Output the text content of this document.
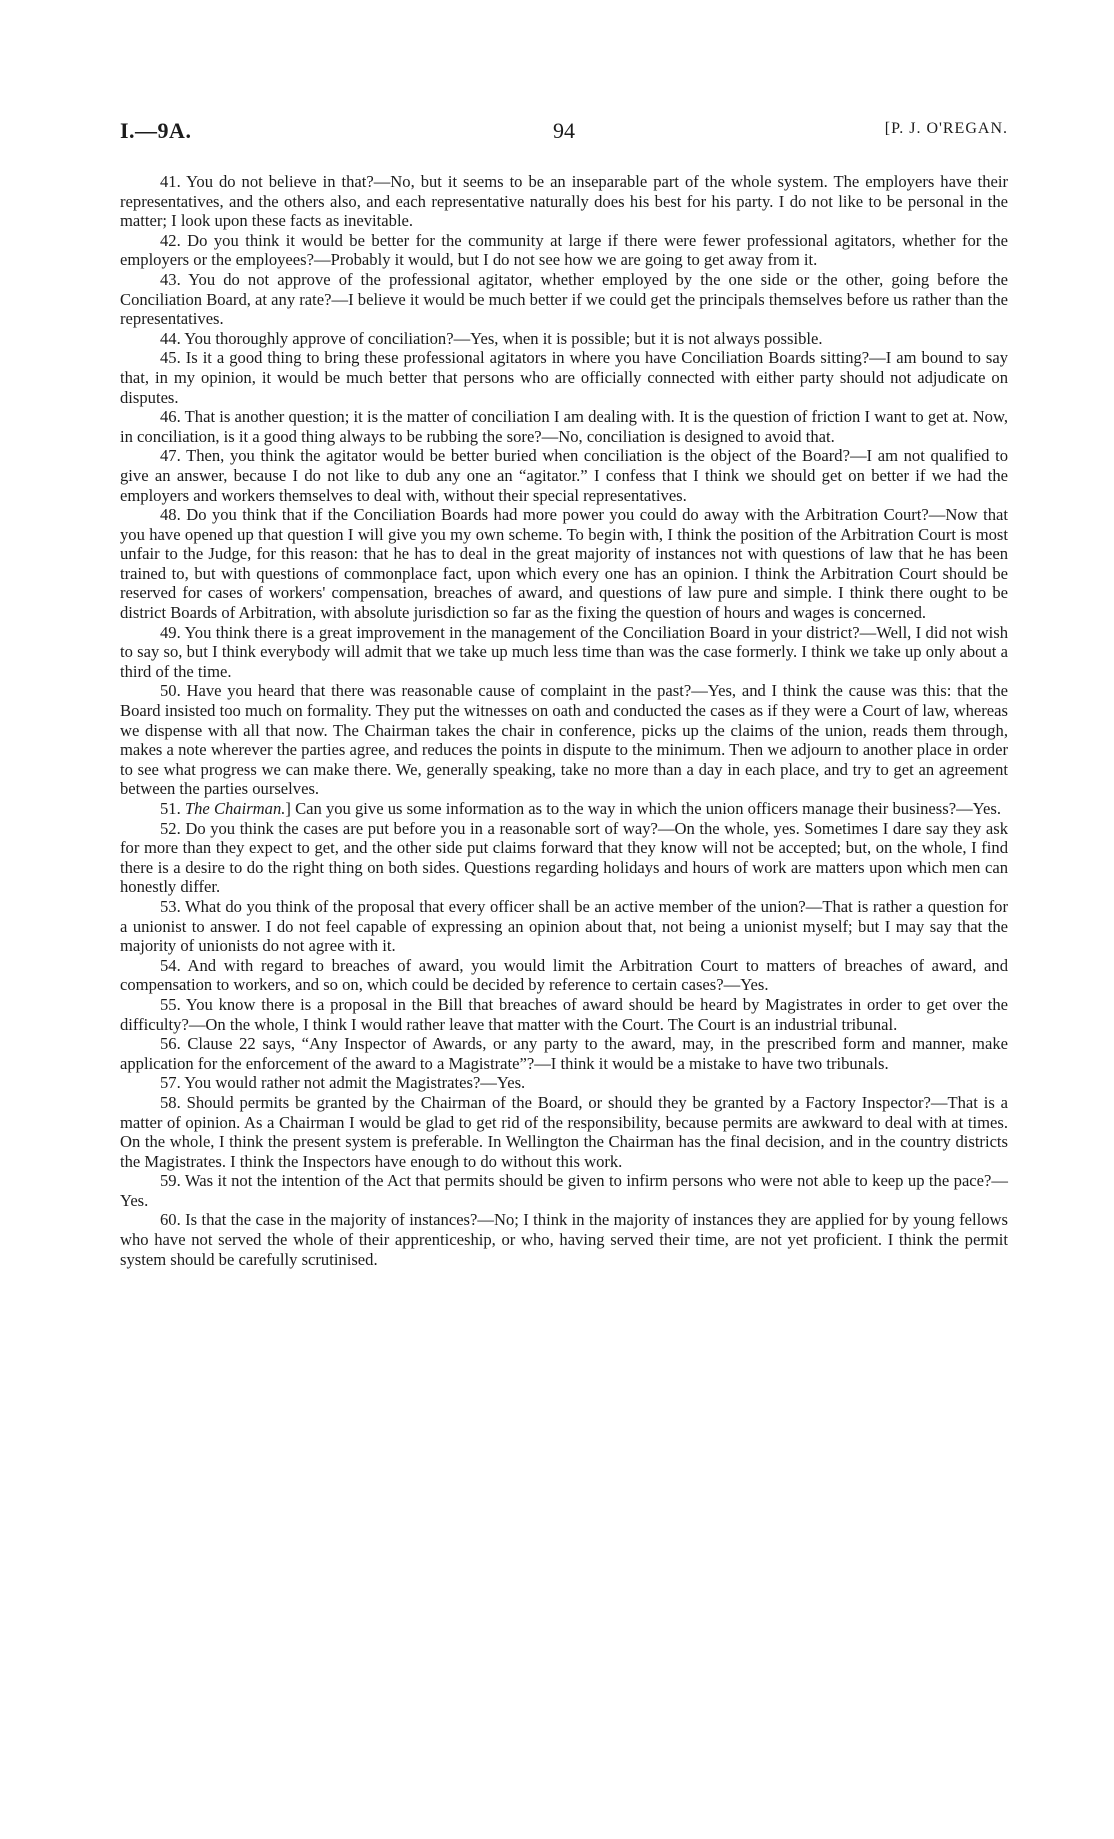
I.—9A.	94	[P. J. O'REGAN.

41. You do not believe in that?—No, but it seems to be an inseparable part of the whole system. The employers have their representatives, and the others also, and each representative naturally does his best for his party. I do not like to be personal in the matter; I look upon these facts as inevitable.

42. Do you think it would be better for the community at large if there were fewer professional agitators, whether for the employers or the employees?—Probably it would, but I do not see how we are going to get away from it.

43. You do not approve of the professional agitator, whether employed by the one side or the other, going before the Conciliation Board, at any rate?—I believe it would be much better if we could get the principals themselves before us rather than the representatives.

44. You thoroughly approve of conciliation?—Yes, when it is possible; but it is not always possible.

45. Is it a good thing to bring these professional agitators in where you have Conciliation Boards sitting?—I am bound to say that, in my opinion, it would be much better that persons who are officially connected with either party should not adjudicate on disputes.

46. That is another question; it is the matter of conciliation I am dealing with. It is the question of friction I want to get at. Now, in conciliation, is it a good thing always to be rubbing the sore?—No, conciliation is designed to avoid that.

47. Then, you think the agitator would be better buried when conciliation is the object of the Board?—I am not qualified to give an answer, because I do not like to dub any one an “agitator.” I confess that I think we should get on better if we had the employers and workers themselves to deal with, without their special representatives.

48. Do you think that if the Conciliation Boards had more power you could do away with the Arbitration Court?—Now that you have opened up that question I will give you my own scheme. To begin with, I think the position of the Arbitration Court is most unfair to the Judge, for this reason: that he has to deal in the great majority of instances not with questions of law that he has been trained to, but with questions of commonplace fact, upon which every one has an opinion. I think the Arbitration Court should be reserved for cases of workers' compensation, breaches of award, and questions of law pure and simple. I think there ought to be district Boards of Arbitration, with absolute jurisdiction so far as the fixing the question of hours and wages is concerned.

49. You think there is a great improvement in the management of the Conciliation Board in your district?—Well, I did not wish to say so, but I think everybody will admit that we take up much less time than was the case formerly. I think we take up only about a third of the time.

50. Have you heard that there was reasonable cause of complaint in the past?—Yes, and I think the cause was this: that the Board insisted too much on formality. They put the witnesses on oath and conducted the cases as if they were a Court of law, whereas we dispense with all that now. The Chairman takes the chair in conference, picks up the claims of the union, reads them through, makes a note wherever the parties agree, and reduces the points in dispute to the minimum. Then we adjourn to another place in order to see what progress we can make there. We, generally speaking, take no more than a day in each place, and try to get an agreement between the parties ourselves.

51. The Chairman.] Can you give us some information as to the way in which the union officers manage their business?—Yes.

52. Do you think the cases are put before you in a reasonable sort of way?—On the whole, yes. Sometimes I dare say they ask for more than they expect to get, and the other side put claims forward that they know will not be accepted; but, on the whole, I find there is a desire to do the right thing on both sides. Questions regarding holidays and hours of work are matters upon which men can honestly differ.

53. What do you think of the proposal that every officer shall be an active member of the union?—That is rather a question for a unionist to answer. I do not feel capable of expressing an opinion about that, not being a unionist myself; but I may say that the majority of unionists do not agree with it.

54. And with regard to breaches of award, you would limit the Arbitration Court to matters of breaches of award, and compensation to workers, and so on, which could be decided by reference to certain cases?—Yes.

55. You know there is a proposal in the Bill that breaches of award should be heard by Magistrates in order to get over the difficulty?—On the whole, I think I would rather leave that matter with the Court. The Court is an industrial tribunal.

56. Clause 22 says, “Any Inspector of Awards, or any party to the award, may, in the prescribed form and manner, make application for the enforcement of the award to a Magistrate”?—I think it would be a mistake to have two tribunals.

57. You would rather not admit the Magistrates?—Yes.

58. Should permits be granted by the Chairman of the Board, or should they be granted by a Factory Inspector?—That is a matter of opinion. As a Chairman I would be glad to get rid of the responsibility, because permits are awkward to deal with at times. On the whole, I think the present system is preferable. In Wellington the Chairman has the final decision, and in the country districts the Magistrates. I think the Inspectors have enough to do without this work.

59. Was it not the intention of the Act that permits should be given to infirm persons who were not able to keep up the pace?—Yes.

60. Is that the case in the majority of instances?—No; I think in the majority of instances they are applied for by young fellows who have not served the whole of their apprenticeship, or who, having served their time, are not yet proficient. I think the permit system should be carefully scrutinised.
